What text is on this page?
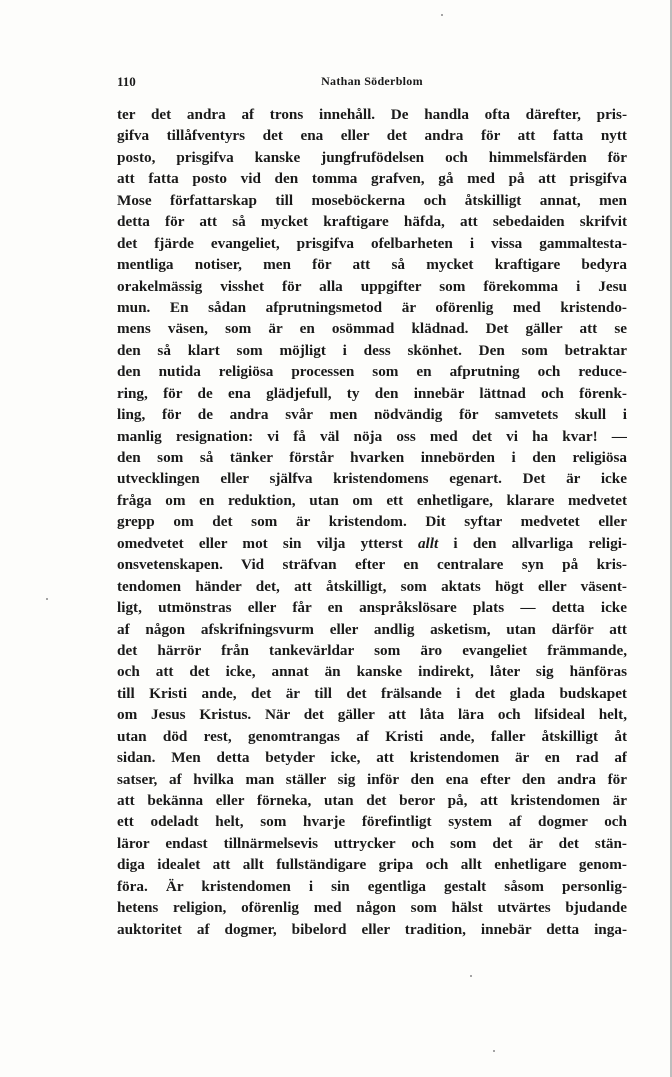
110	Nathan Söderblom
ter det andra af trons innehåll. De handla ofta därefter, pris-
gifva tillåfventyrs det ena eller det andra för att fatta nytt
posto, prisgifva kanske jungfrufödelsen och himmelsfärden för
att fatta posto vid den tomma grafven, gå med på att prisgifva
Mose författarskap till moseböckerna och åtskilligt annat, men
detta för att så mycket kraftigare häfda, att sebedaiden skrifvit
det fjärde evangeliet, prisgifva ofelbarheten i vissa gammaltesta-
mentliga notiser, men för att så mycket kraftigare bedyra
orakelmässig visshet för alla uppgifter som förekomma i Jesu
mun. En sådan afprutningsmetod är oförenlig med kristendo-
mens väsen, som är en osömmad klädnad. Det gäller att se
den så klart som möjligt i dess skönhet. Den som betraktar
den nutida religiösa processen som en afprutning och reduce-
ring, för de ena glädjefull, ty den innebär lättnad och förenk-
ling, för de andra svår men nödvändig för samvetets skull i
manlig resignation: vi få väl nöja oss med det vi ha kvar! —
den som så tänker förstår hvarken innebörden i den religiösa
utvecklingen eller själfva kristendomens egenart. Det är icke
fråga om en reduktion, utan om ett enhetligare, klarare medvetet
grepp om det som är kristendom. Dit syftar medvetet eller
omedvetet eller mot sin vilja ytterst allt i den allvarliga religi-
onsvetenskapen. Vid sträfvan efter en centralare syn på kris-
tendomen händer det, att åtskilligt, som aktats högt eller väsent-
ligt, utmönstras eller får en anspråkslösare plats — detta icke
af någon afskrifningsvurm eller andlig asketism, utan därför att
det härrör från tankevärldar som äro evangeliet främmande,
och att det icke, annat än kanske indirekt, låter sig hänföras
till Kristi ande, det är till det frälsande i det glada budskapet
om Jesus Kristus. När det gäller att låta lära och lifsideal helt,
utan död rest, genomtrangas af Kristi ande, faller åtskilligt åt
sidan. Men detta betyder icke, att kristendomen är en rad af
satser, af hvilka man ställer sig inför den ena efter den andra för
att bekänna eller förneka, utan det beror på, att kristendomen är
ett odeladt helt, som hvarje förefintligt system af dogmer och
läror endast tillnärmelsevis uttrycker och som det är det stän-
diga idealet att allt fullständigare gripa och allt enhetligare genom-
föra. Är kristendomen i sin egentliga gestalt såsom personlig-
hetens religion, oförenlig med någon som hälst utvärtes bjudande
auktoritet af dogmer, bibelord eller tradition, innebär detta inga-
